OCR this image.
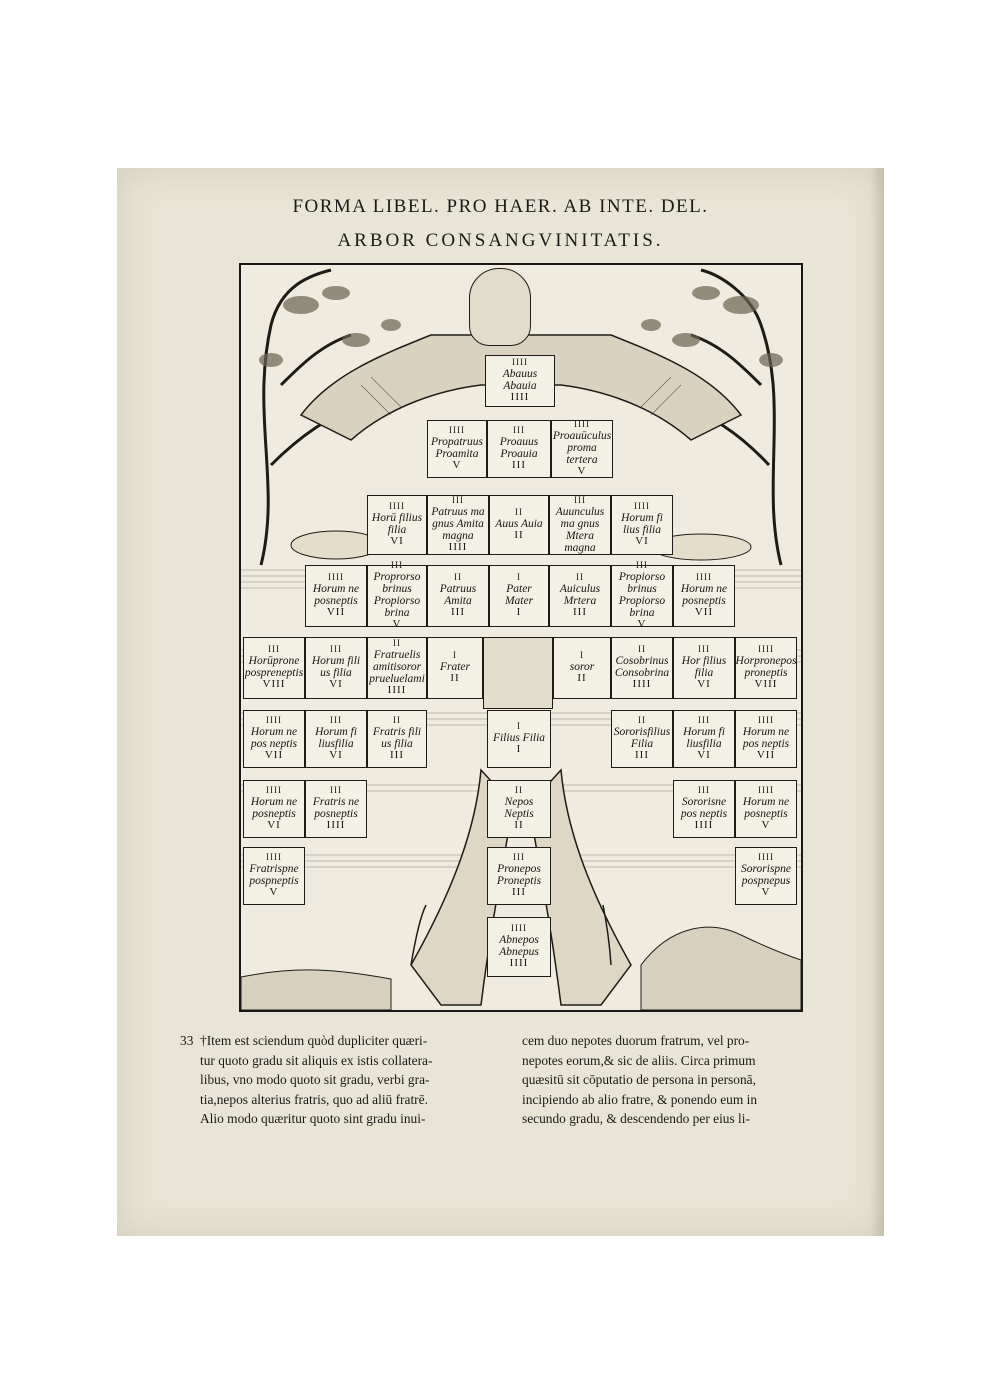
FORMA LIBEL. PRO HAER. AB INTE. DEL.
ARBOR CONSANGVINITATIS.
IIII
Abauus Abauia
IIII
IIII
Propatruus Proamita
V
III
Proauus Proauia
III
IIII
Proauūculus proma tertera
V
IIII
Horū filius filia
VI
III
Patruus ma gnus Amita magna
IIII
II
Auus Auia
II
III
Auunculus ma gnus Mtera magna
IIII
Horum fi lius filia
VI
IIII
Horum ne posneptis
VII
III
Proprorso brinus Propiorso brina
V
II
Patruus Amita
III
I
Pater Mater
I
II
Auiculus Mrtera
III
III
Propiorso brinus Propiorso brina
V
IIII
Horum ne posneptis
VII
III
Horūprone pospreneptis
VIII
III
Horum fili us filia
VI
II
Fratruelis amitisoror prueluelami
IIII
I
Frater
II
I
soror
II
II
Cosobrinus Consobrina
IIII
III
Hor filius filia
VI
IIII
Horpronepos proneptis
VIII
IIII
Horum ne pos neptis
VII
III
Horum fi liusfilia
VI
II
Fratris fili us filia
III
I
Filius Filia
I
II
Sororisfilius Filia
III
III
Horum fi liusfilia
VI
IIII
Horum ne pos neptis
VII
IIII
Horum ne posneptis
VI
III
Fratris ne posneptis
IIII
II
Nepos Neptis
II
III
Sororisne pos neptis
IIII
IIII
Horum ne posneptis
V
IIII
Fratrispne pospneptis
V
III
Pronepos Proneptis
III
IIII
Sororispne pospnepus
V
IIII
Abnepos Abnepus
IIII
33 †Item est sciendum quòd dupliciter quæri-
tur quoto gradu sit aliquis ex istis collatera-
libus, vno modo quoto sit gradu, verbi gra-
tia,nepos alterius fratris, quo ad aliū fratrē.
Alio modo quæritur quoto sint gradu inui-
cem duo nepotes duorum fratrum, vel pro-
nepotes eorum,& sic de aliis. Circa primum
quæsitū sit cōputatio de persona in personā,
incipiendo ab alio fratre, & ponendo eum in
secundo gradu, & descendendo per eius li-
